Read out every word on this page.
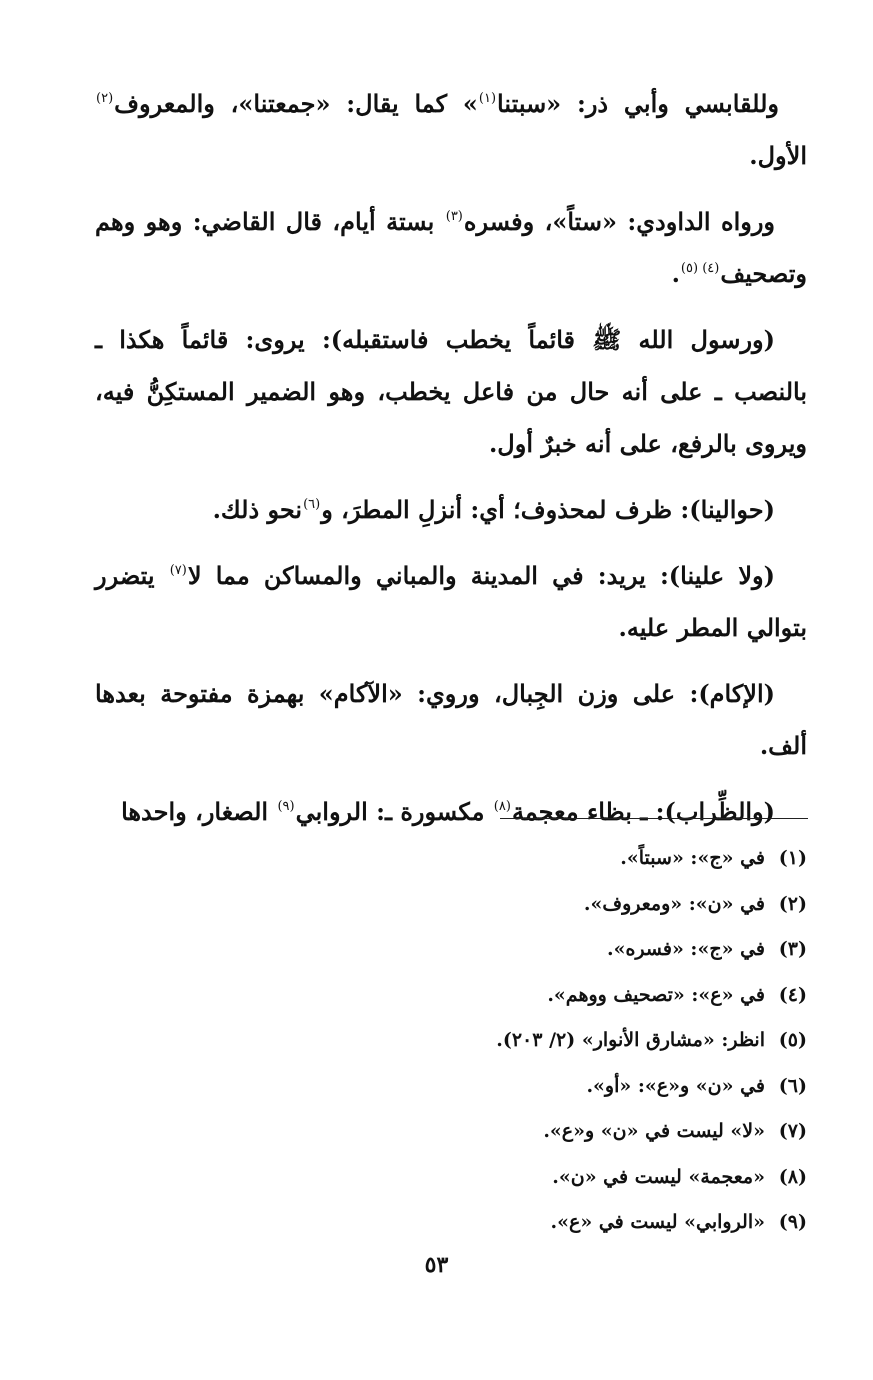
وللقابسي وأبي ذر: «سبتنا$^{(١)}$» كما يقال: «جمعتنا»، والمعروف$^{(٢)}$ الأول.

ورواه الداودي: «ستاً»، وفسره$^{(٣)}$ بستة أيام، قال القاضي: وهو وهم وتصحيف$^{(٤) (٥)}$.

(ورسول الله ﷺ قائماً يخطب فاستقبله): يروى: قائماً هكذا ـ بالنصب ـ على أنه حال من فاعل يخطب، وهو الضمير المستكِنُّ فيه، ويروى بالرفع، على أنه خبرٌ أول.

(حوالينا): ظرف لمحذوف؛ أي: أنزلِ المطرَ، و$^{(٦)}$نحو ذلك.

(ولا علينا): يريد: في المدينة والمباني والمساكن مما لا$^{(٧)}$ يتضرر بتوالي المطر عليه.

(الإكام): على وزن الجِبال، وروي: «الآكام» بهمزة مفتوحة بعدها ألف.

(والظِّراب): ـ بظاء معجمة$^{(٨)}$ مكسورة ـ: الروابي$^{(٩)}$ الصغار، واحدها

(١)
في «ج»: «سبتاً».
(٢)
في «ن»: «ومعروف».
(٣)
في «ج»: «فسره».
(٤)
في «ع»: «تصحيف ووهم».
(٥)
انظر: «مشارق الأنوار» (٢/ ٢٠٣).
(٦)
في «ن» و«ع»: «أو».
(٧)
«لا» ليست في «ن» و«ع».
(٨)
«معجمة» ليست في «ن».
(٩)
«الروابي» ليست في «ع».
٥٣
